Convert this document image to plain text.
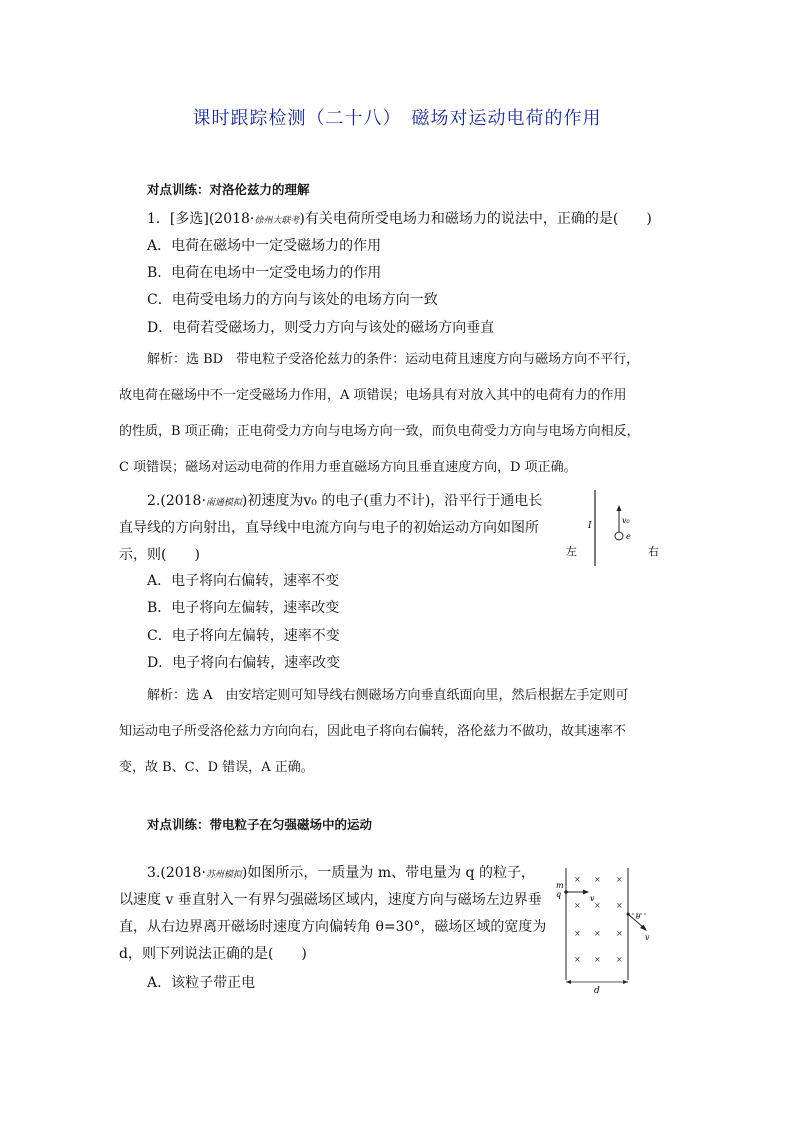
课时跟踪检测（二十八）　磁场对运动电荷的作用
对点训练：对洛伦兹力的理解
1．[多选](2018·徐州大联考)有关电荷所受电场力和磁场力的说法中，正确的是(　　)
A．电荷在磁场中一定受磁场力的作用
B．电荷在电场中一定受电场力的作用
C．电荷受电场力的方向与该处的电场方向一致
D．电荷若受磁场力，则受力方向与该处的磁场方向垂直
解析：选 BD　带电粒子受洛伦兹力的条件：运动电荷且速度方向与磁场方向不平行，
故电荷在磁场中不一定受磁场力作用，A 项错误；电场具有对放入其中的电荷有力的作用
的性质，B 项正确；正电荷受力方向与电场方向一致，而负电荷受力方向与电场方向相反，
C 项错误；磁场对运动电荷的作用力垂直磁场方向且垂直速度方向，D 项正确。
2.(2018·南通模拟)初速度为v₀ 的电子(重力不计)，沿平行于通电长
直导线的方向射出，直导线中电流方向与电子的初始运动方向如图所
示，则(　　)
I
v₀
e
左	右
A．电子将向右偏转，速率不变
B．电子将向左偏转，速率改变
C．电子将向左偏转，速率不变
D．电子将向右偏转，速率改变
解析：选 A　由安培定则可知导线右侧磁场方向垂直纸面向里，然后根据左手定则可
知运动电子所受洛伦兹力方向向右，因此电子将向右偏转，洛伦兹力不做功，故其速率不
变，故 B、C、D 错误，A 正确。
对点训练：带电粒子在匀强磁场中的运动
3.(2018·苏州模拟)如图所示，一质量为 m、带电量为 q 的粒子，
以速度 v 垂直射入一有界匀强磁场区域内，速度方向与磁场左边界垂
直，从右边界离开磁场时速度方向偏转角 θ=30°，磁场区域的宽度为
d，则下列说法正确的是(　　)
A．该粒子带正电
× × ×
× × ×
× × ×
× × ×
m
q	v
θ
v
d
